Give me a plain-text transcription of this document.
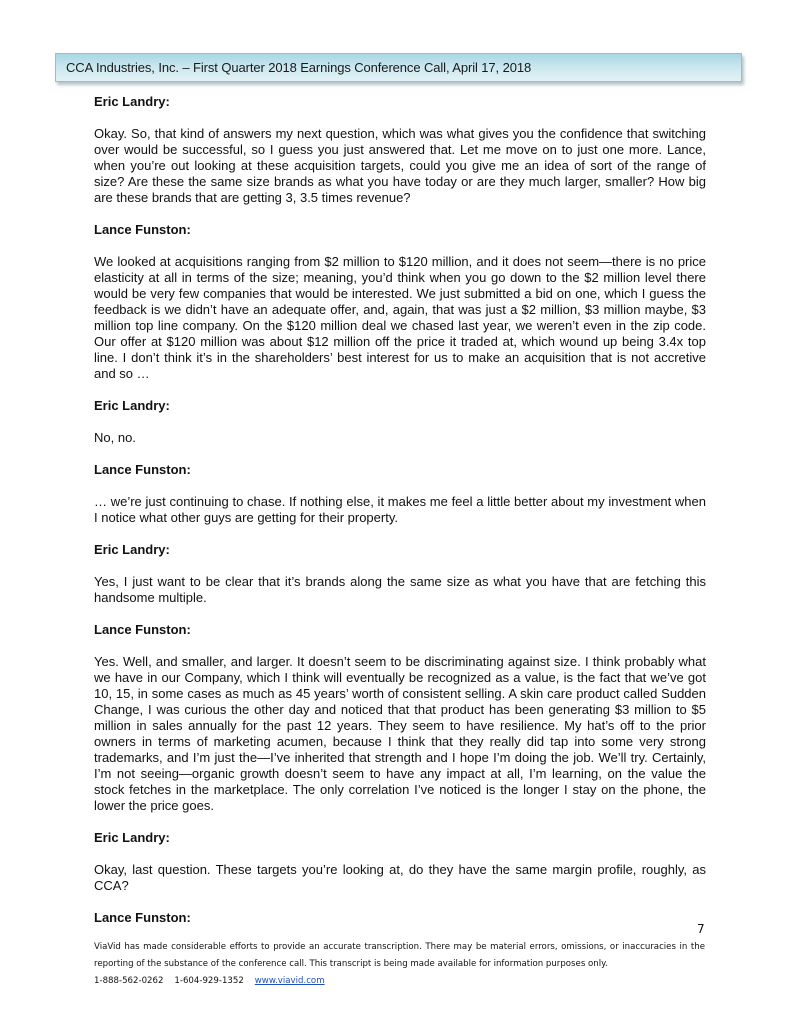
CCA Industries, Inc. – First Quarter 2018 Earnings Conference Call, April 17, 2018

Eric Landry:

Okay. So, that kind of answers my next question, which was what gives you the confidence that switching over would be successful, so I guess you just answered that. Let me move on to just one more. Lance, when you’re out looking at these acquisition targets, could you give me an idea of sort of the range of size? Are these the same size brands as what you have today or are they much larger, smaller? How big are these brands that are getting 3, 3.5 times revenue?

Lance Funston:

We looked at acquisitions ranging from $2 million to $120 million, and it does not seem—there is no price elasticity at all in terms of the size; meaning, you’d think when you go down to the $2 million level there would be very few companies that would be interested. We just submitted a bid on one, which I guess the feedback is we didn’t have an adequate offer, and, again, that was just a $2 million, $3 million maybe, $3 million top line company. On the $120 million deal we chased last year, we weren’t even in the zip code. Our offer at $120 million was about $12 million off the price it traded at, which wound up being 3.4x top line. I don’t think it’s in the shareholders’ best interest for us to make an acquisition that is not accretive and so …

Eric Landry:

No, no.

Lance Funston:

… we’re just continuing to chase. If nothing else, it makes me feel a little better about my investment when I notice what other guys are getting for their property.

Eric Landry:

Yes, I just want to be clear that it’s brands along the same size as what you have that are fetching this handsome multiple.

Lance Funston:

Yes. Well, and smaller, and larger. It doesn’t seem to be discriminating against size. I think probably what we have in our Company, which I think will eventually be recognized as a value, is the fact that we’ve got 10, 15, in some cases as much as 45 years’ worth of consistent selling. A skin care product called Sudden Change, I was curious the other day and noticed that that product has been generating $3 million to $5 million in sales annually for the past 12 years. They seem to have resilience. My hat’s off to the prior owners in terms of marketing acumen, because I think that they really did tap into some very strong trademarks, and I’m just the—I’ve inherited that strength and I hope I’m doing the job. We’ll try. Certainly, I’m not seeing—organic growth doesn’t seem to have any impact at all, I’m learning, on the value the stock fetches in the marketplace. The only correlation I’ve noticed is the longer I stay on the phone, the lower the price goes.

Eric Landry:

Okay, last question. These targets you’re looking at, do they have the same margin profile, roughly, as CCA?

Lance Funston:

7
ViaVid has made considerable efforts to provide an accurate transcription. There may be material errors, omissions, or inaccuracies in the
reporting of the substance of the conference call. This transcript is being made available for information purposes only.
1-888-562-0262 1-604-929-1352 www.viavid.com
